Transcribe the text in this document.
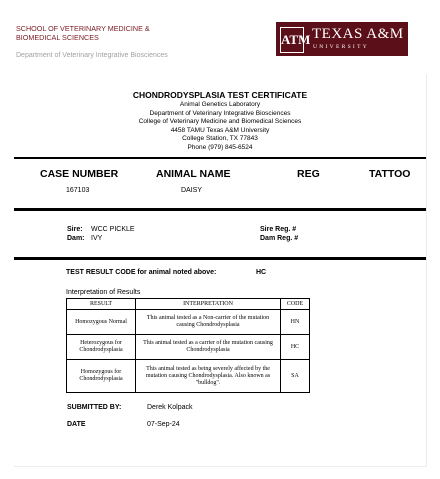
SCHOOL OF VETERINARY MEDICINE &
BIOMEDICAL SCIENCES
Department of Veterinary Integrative Biosciences
ATM TEXAS A&M
UNIVERSITY
CHONDRODYSPLASIA TEST CERTIFICATE
Animal Genetics Laboratory
Department of Veterinary Integrative Biosciences
College of Veterinary Medicine and Biomedical Sciences
4458 TAMU Texas A&M University
College Station, TX 77843
Phone (979) 845-6524
CASE NUMBER	ANIMAL NAME	REG	TATTOO
167103	DAISY
Sire: WCC PICKLE
Dam: IVY
Sire Reg. #
Dam Reg. #
TEST RESULT CODE for animal noted above:	HC
Interpretation of Results
RESULT	INTERPRETATION	CODE
Homozygous Normal	This animal tested as a Non-carrier of the mutation causing Chondrodysplasia	HN
Heterozygous for Chondrodysplasia	This animal tested as a carrier of the mutation causing Chondrodysplasia	HC
Homozygous for Chondrodysplasia	This animal tested as being severely affected by the mutation causing Chondrodysplasia. Also known as "bulldog".	SA
SUBMITTED BY:	Derek Kolpack
DATE	07-Sep-24
